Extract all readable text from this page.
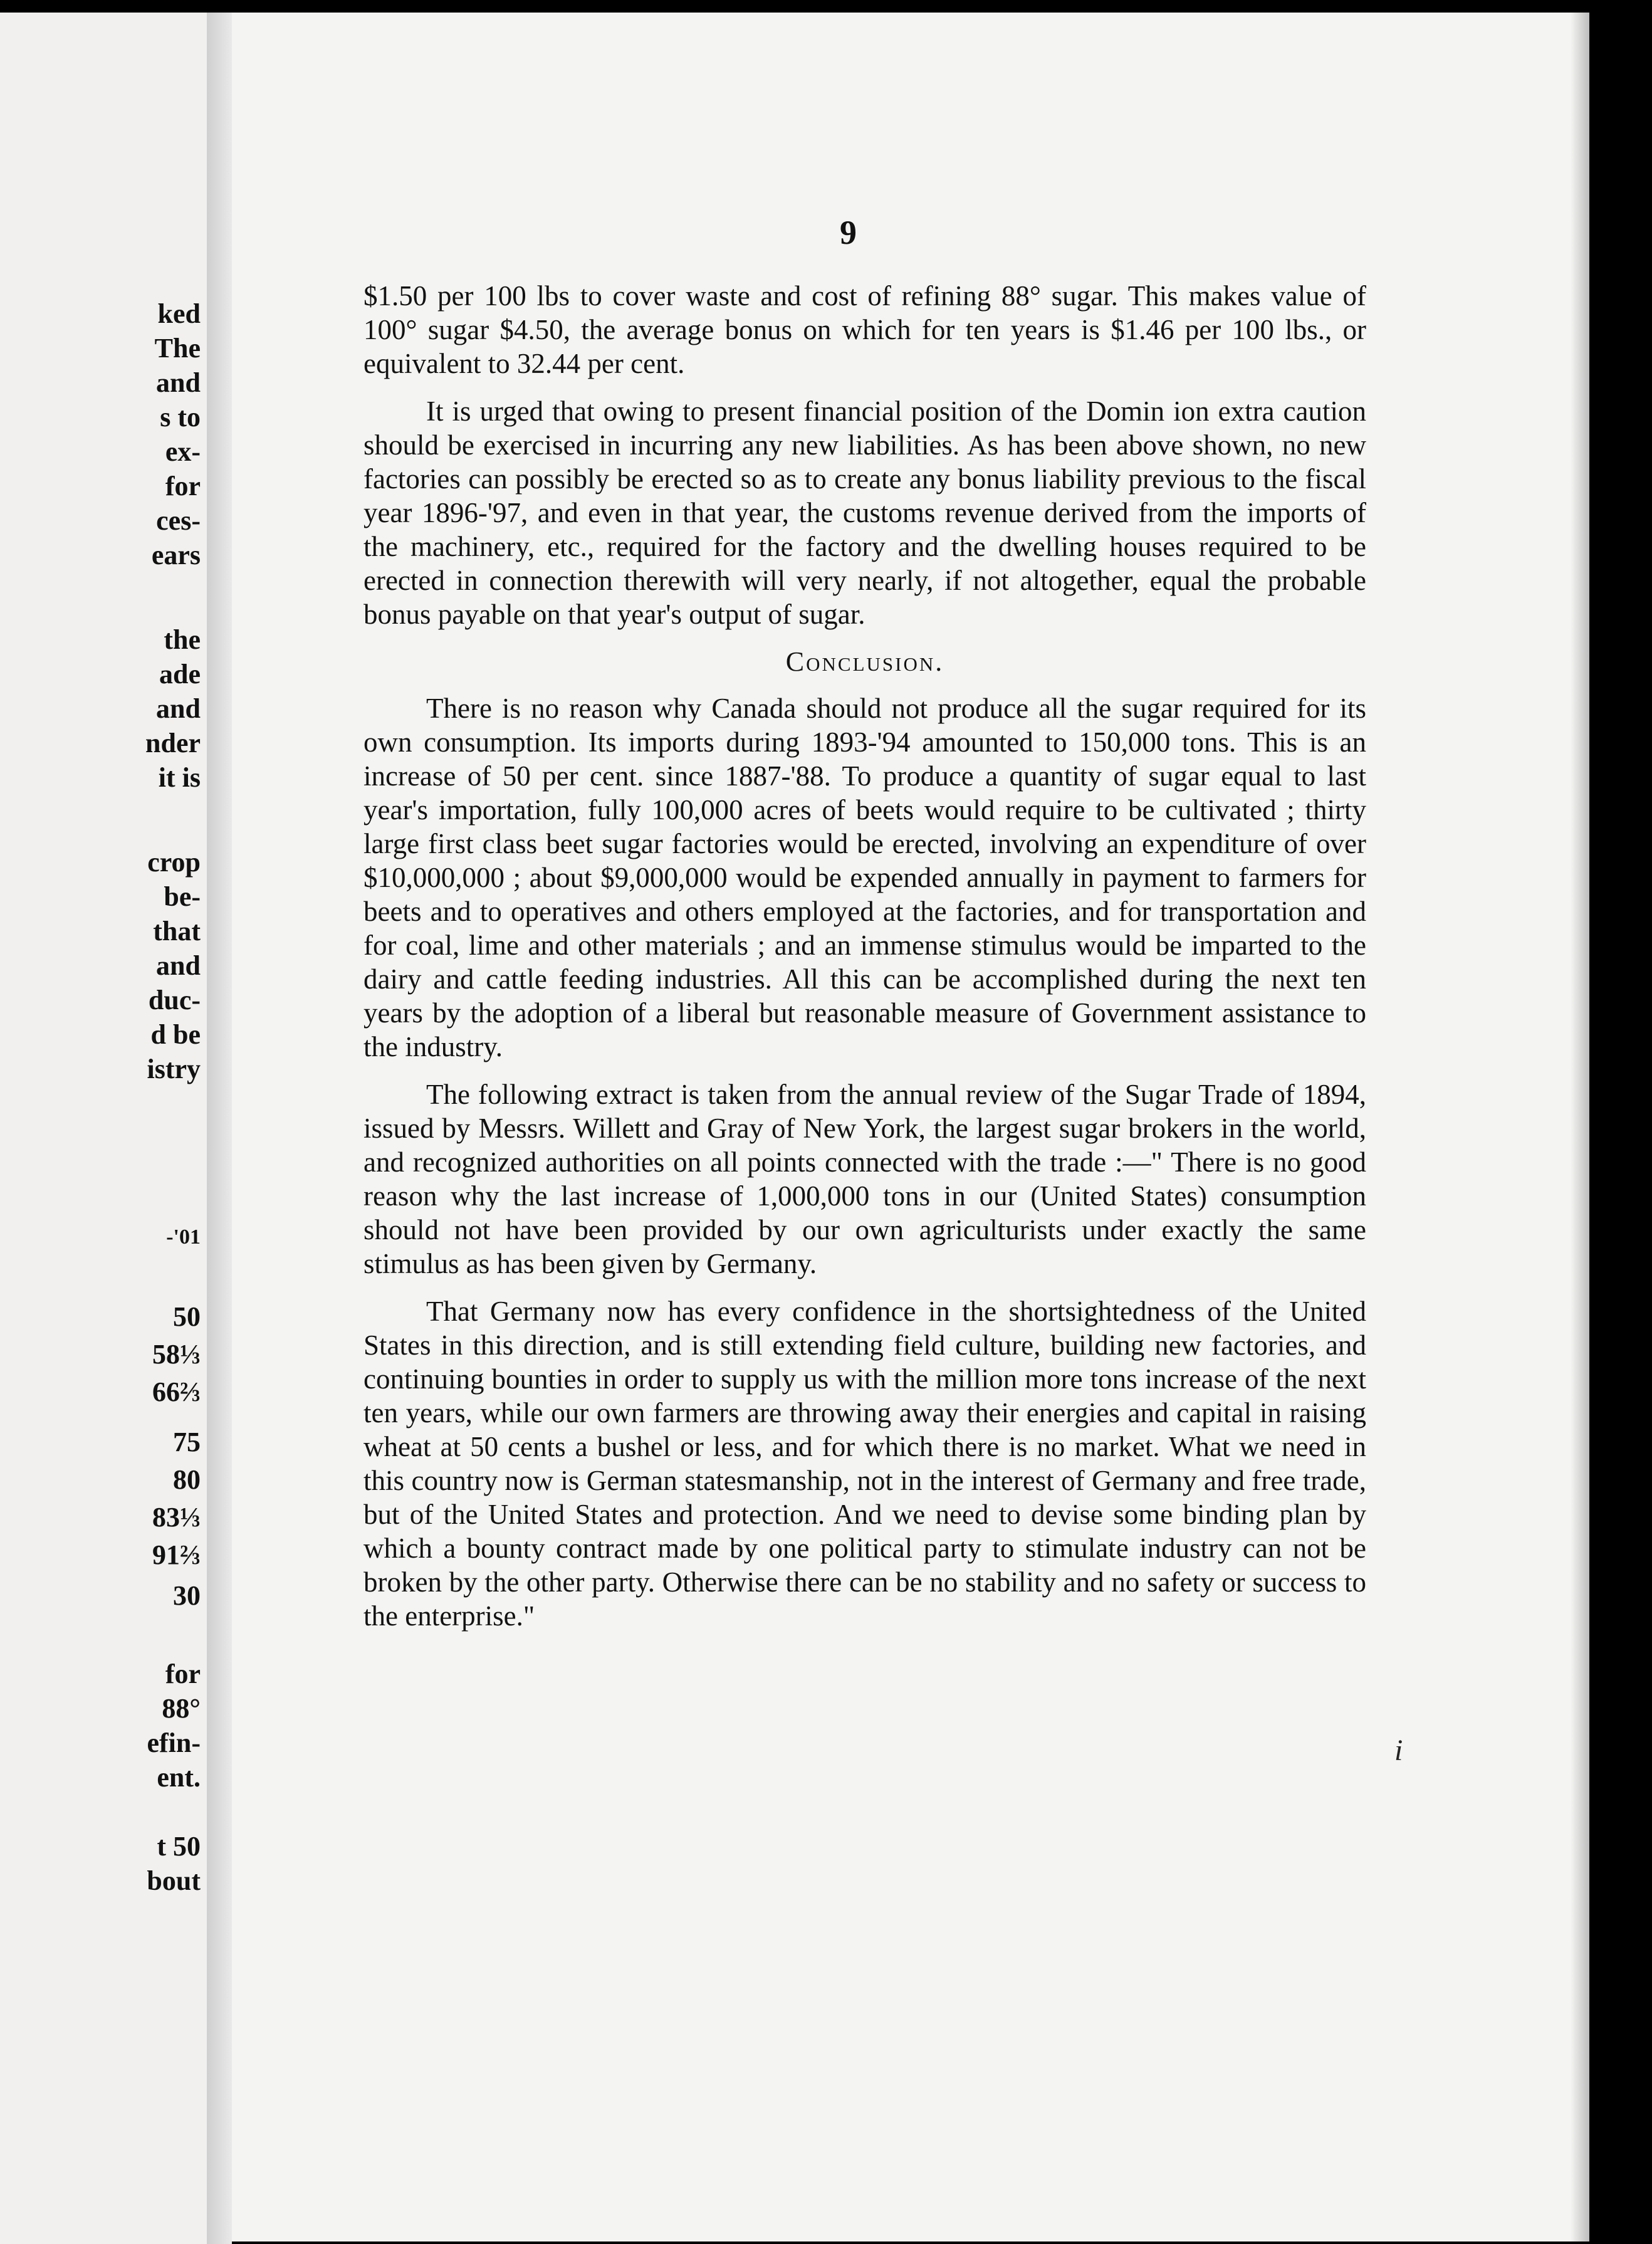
ked
The
and
s to
ex-
for
ces-
ears
the
ade
and
nder
it is
crop
be-
that
and
duc-
d be
istry
-'01
50
58⅓
66⅔
75
80
83⅓
91⅔
30
for
88°
efin-
ent.
t 50
bout
9

$1.50 per 100 lbs to cover waste and cost of refining 88° sugar. This makes value of 100° sugar $4.50, the average bonus on which for ten years is $1.46 per 100 lbs., or equivalent to 32.44 per cent.

It is urged that owing to present financial position of the Domin ion extra caution should be exercised in incurring any new liabilities. As has been above shown, no new factories can possibly be erected so as to create any bonus liability previous to the fiscal year 1896-'97, and even in that year, the customs revenue derived from the imports of the machinery, etc., required for the factory and the dwelling houses required to be erected in connection therewith will very nearly, if not altogether, equal the probable bonus payable on that year's output of sugar.

Conclusion.

There is no reason why Canada should not produce all the sugar required for its own consumption. Its imports during 1893-'94 amounted to 150,000 tons. This is an increase of 50 per cent. since 1887-'88. To produce a quantity of sugar equal to last year's importation, fully 100,000 acres of beets would require to be cultivated ; thirty large first class beet sugar factories would be erected, involving an expenditure of over $10,000,000 ; about $9,000,000 would be expended annually in payment to farmers for beets and to operatives and others employed at the factories, and for transportation and for coal, lime and other materials ; and an immense stimulus would be imparted to the dairy and cattle feeding industries. All this can be accomplished during the next ten years by the adoption of a liberal but reasonable measure of Government assistance to the industry.

The following extract is taken from the annual review of the Sugar Trade of 1894, issued by Messrs. Willett and Gray of New York, the largest sugar brokers in the world, and recognized authorities on all points connected with the trade :—" There is no good reason why the last increase of 1,000,000 tons in our (United States) consumption should not have been provided by our own agriculturists under exactly the same stimulus as has been given by Germany.

That Germany now has every confidence in the shortsightedness of the United States in this direction, and is still extending field culture, building new factories, and continuing bounties in order to supply us with the million more tons increase of the next ten years, while our own farmers are throwing away their energies and capital in raising wheat at 50 cents a bushel or less, and for which there is no market. What we need in this country now is German statesmanship, not in the interest of Germany and free trade, but of the United States and protection. And we need to devise some binding plan by which a bounty contract made by one political party to stimulate industry can not be broken by the other party. Otherwise there can be no stability and no safety or success to the enterprise."

i
